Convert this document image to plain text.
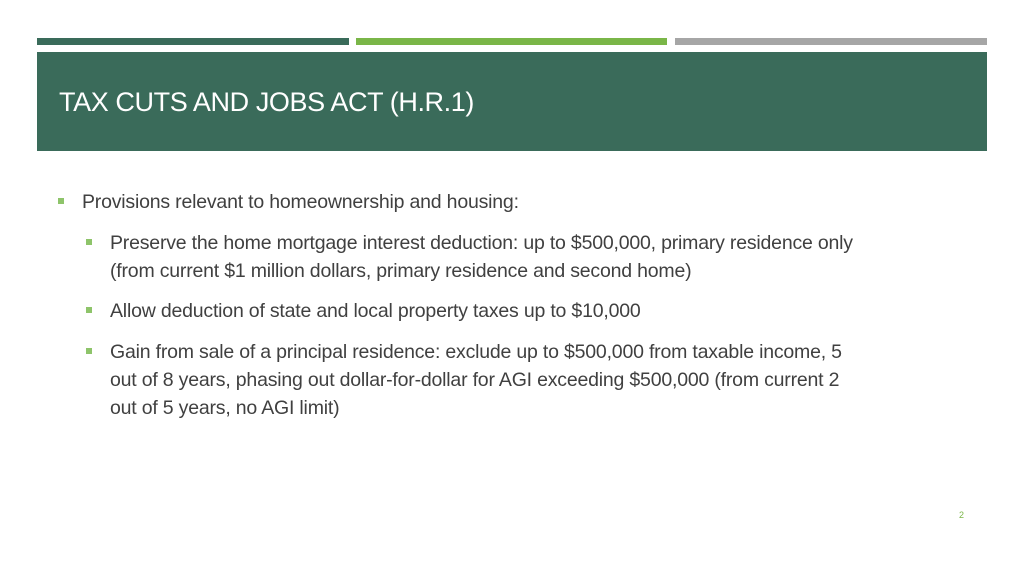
TAX CUTS AND JOBS ACT (H.R.1)
Provisions relevant to homeownership and housing:
Preserve the home mortgage interest deduction: up to $500,000, primary residence only
(from current $1 million dollars, primary residence and second home)
Allow deduction of state and local property taxes up to $10,000
Gain from sale of a principal residence: exclude up to $500,000 from taxable income, 5
out of 8 years, phasing out dollar-for-dollar for AGI exceeding $500,000 (from current 2
out of 5 years, no AGI limit)
2
